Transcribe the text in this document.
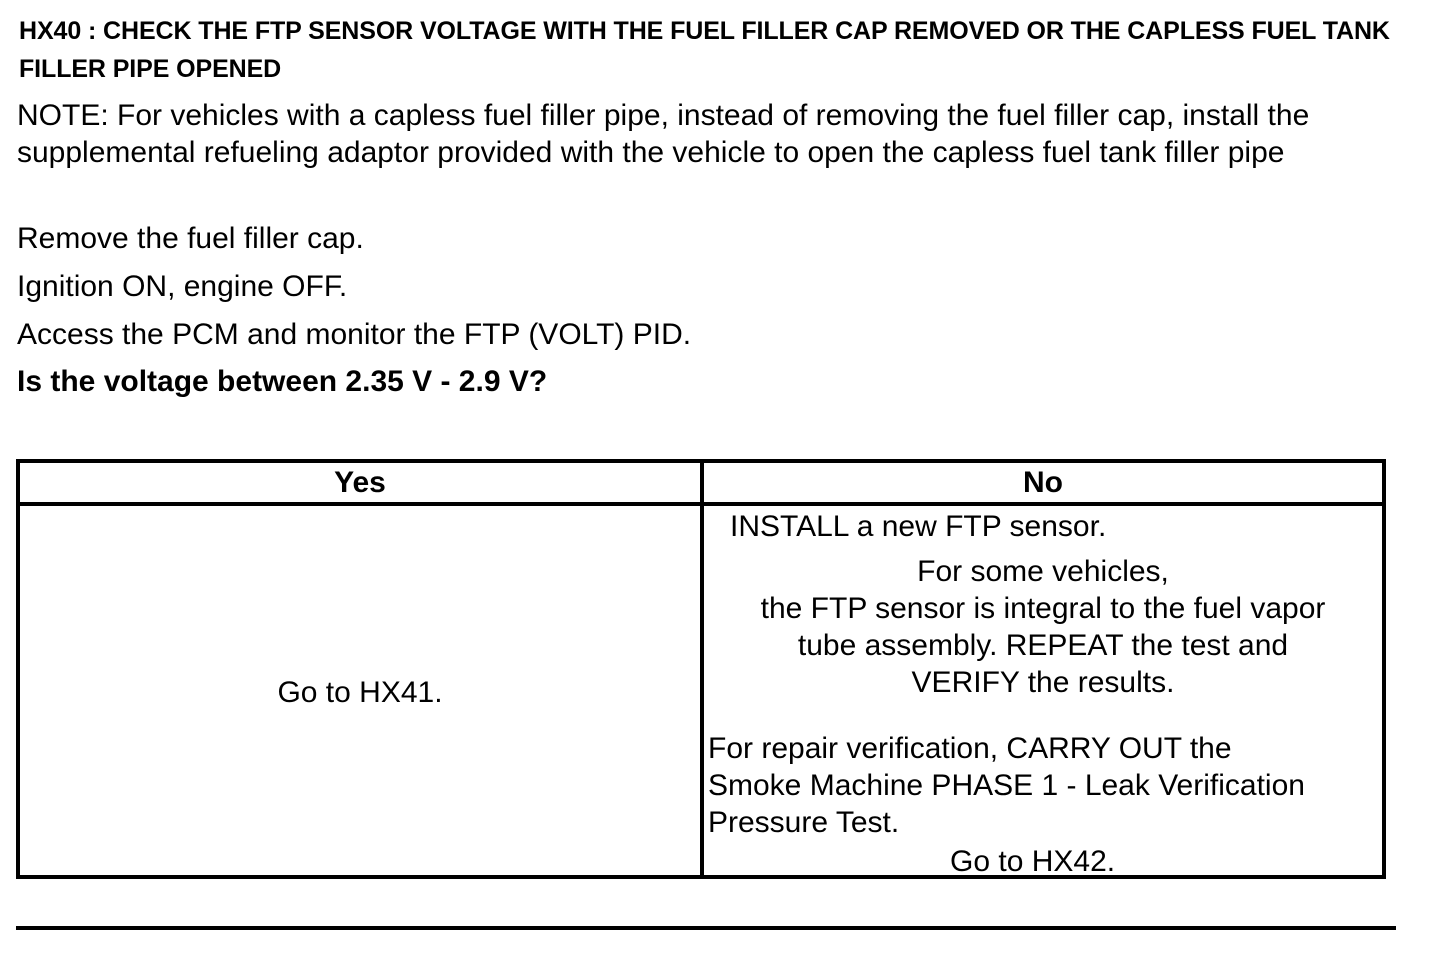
HX40 : CHECK THE FTP SENSOR VOLTAGE WITH THE FUEL FILLER CAP REMOVED OR THE CAPLESS FUEL TANK FILLER PIPE OPENED
NOTE: For vehicles with a capless fuel filler pipe, instead of removing the fuel filler cap, install the supplemental refueling adaptor provided with the vehicle to open the capless fuel tank filler pipe
Remove the fuel filler cap.
Ignition ON, engine OFF.
Access the PCM and monitor the FTP (VOLT) PID.
Is the voltage between 2.35 V - 2.9 V?
Yes	No
Go to HX41.
INSTALL a new FTP sensor.
For some vehicles,
the FTP sensor is integral to the fuel vapor
tube assembly. REPEAT the test and
VERIFY the results.
For repair verification, CARRY OUT the
Smoke Machine PHASE 1 - Leak Verification
Pressure Test.
Go to HX42.
